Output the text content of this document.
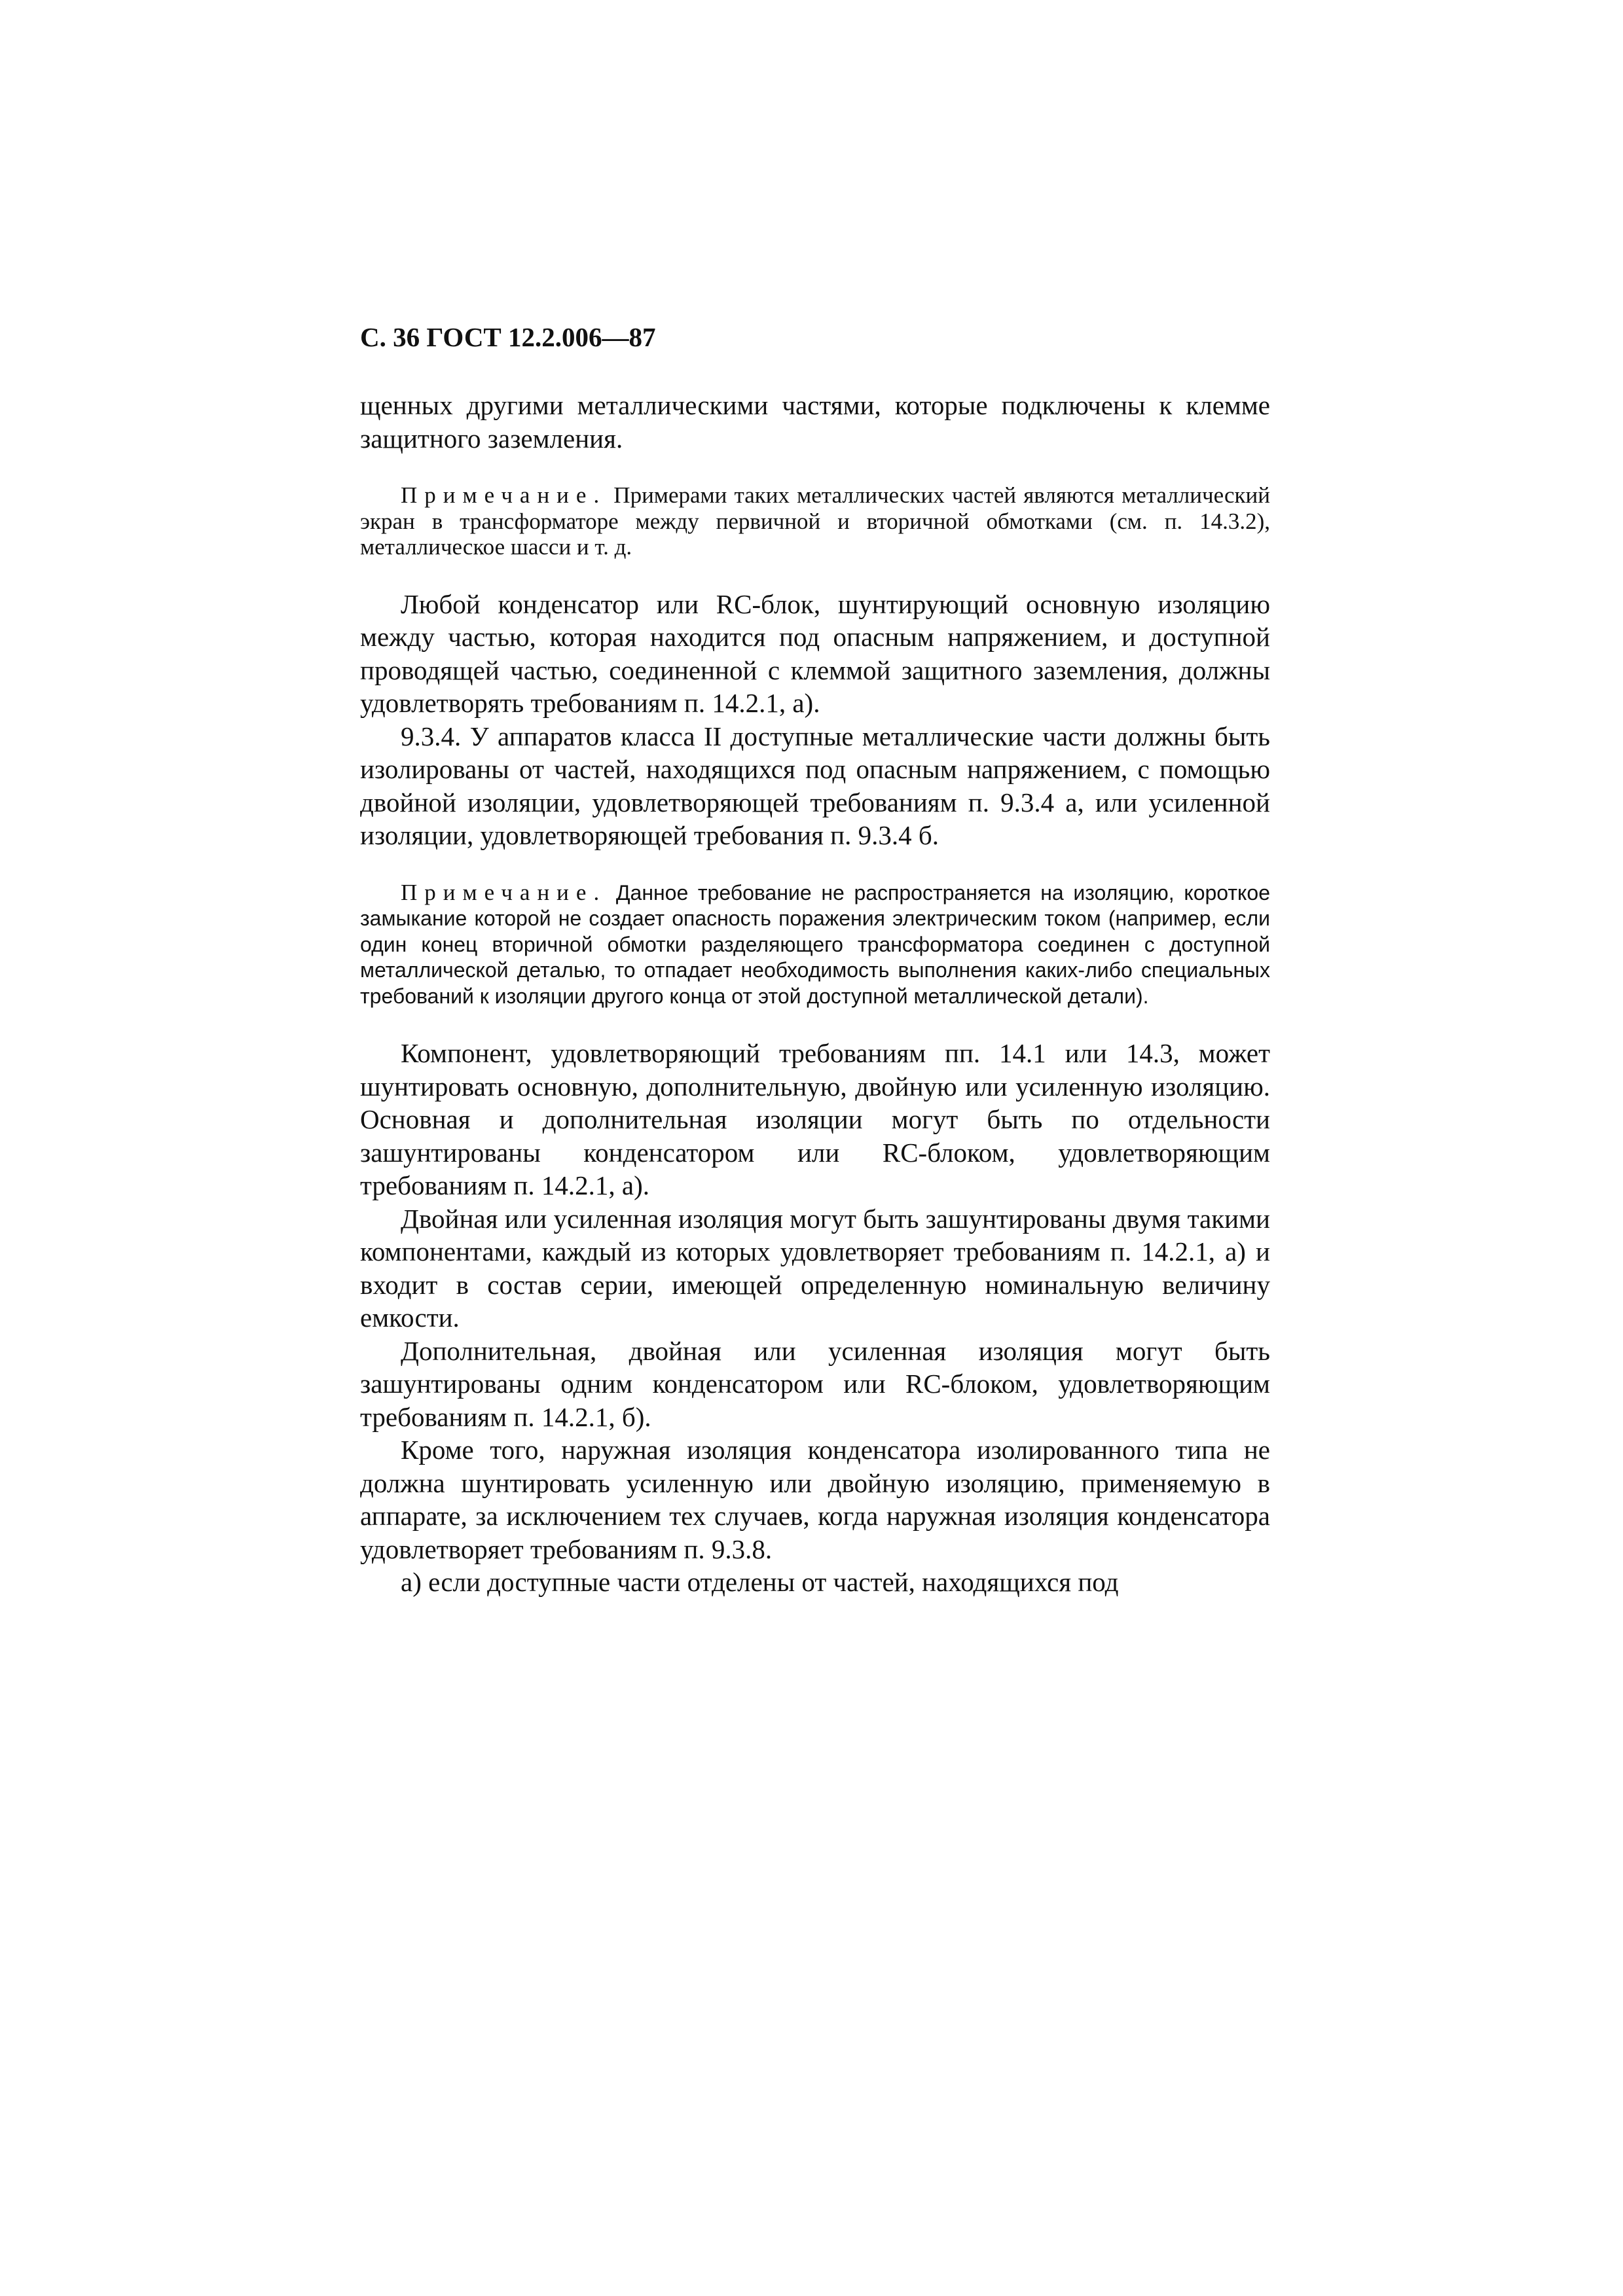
С. 36 ГОСТ 12.2.006—87

щенных другими металлическими частями, которые подключены к клемме защитного заземления.

Примечание. Примерами таких металлических частей являются металлический экран в трансформаторе между первичной и вторичной обмотками (см. п. 14.3.2), металлическое шасси и т. д.

Любой конденсатор или RC-блок, шунтирующий основную изоляцию между частью, которая находится под опасным напряжением, и доступной проводящей частью, соединенной с клеммой защитного заземления, должны удовлетворять требованиям п. 14.2.1, а).

9.3.4. У аппаратов класса II доступные металлические части должны быть изолированы от частей, находящихся под опасным напряжением, с помощью двойной изоляции, удовлетворяющей требованиям п. 9.3.4 а, или усиленной изоляции, удовлетворяющей требования п. 9.3.4 б.

Примечание. Данное требование не распространяется на изоляцию, короткое замыкание которой не создает опасность поражения электрическим током (например, если один конец вторичной обмотки разделяющего трансформатора соединен с доступной металлической деталью, то отпадает необходимость выполнения каких-либо специальных требований к изоляции другого конца от этой доступной металлической детали).

Компонент, удовлетворяющий требованиям пп. 14.1 или 14.3, может шунтировать основную, дополнительную, двойную или усиленную изоляцию. Основная и дополнительная изоляции могут быть по отдельности зашунтированы конденсатором или RC-блоком, удовлетворяющим требованиям п. 14.2.1, а).

Двойная или усиленная изоляция могут быть зашунтированы двумя такими компонентами, каждый из которых удовлетворяет требованиям п. 14.2.1, а) и входит в состав серии, имеющей определенную номинальную величину емкости.

Дополнительная, двойная или усиленная изоляция могут быть зашунтированы одним конденсатором или RC-блоком, удовлетворяющим требованиям п. 14.2.1, б).

Кроме того, наружная изоляция конденсатора изолированного типа не должна шунтировать усиленную или двойную изоляцию, применяемую в аппарате, за исключением тех случаев, когда наружная изоляция конденсатора удовлетворяет требованиям п. 9.3.8.

а) если доступные части отделены от частей, находящихся под
